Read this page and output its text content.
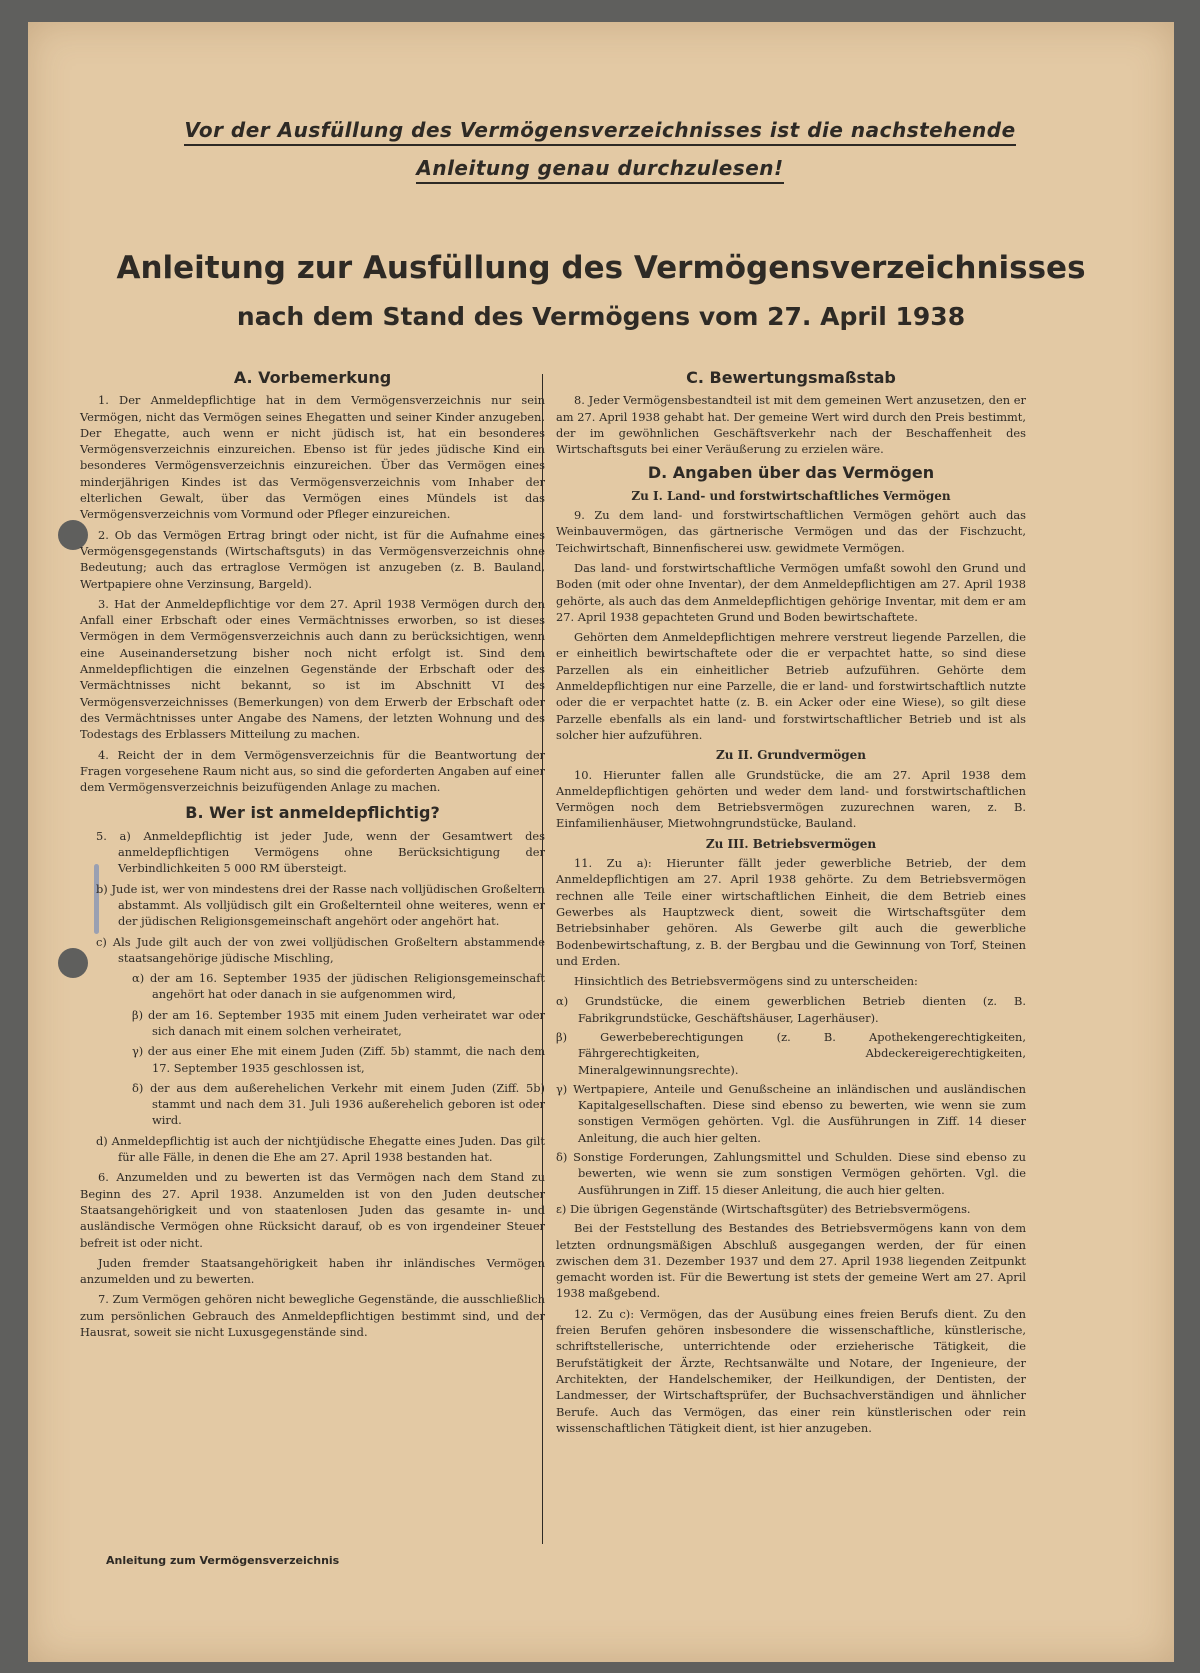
Vor der Ausfüllung des Vermögensverzeichnisses ist die nachstehende
Anleitung genau durchzulesen!
Anleitung zur Ausfüllung des Vermögensverzeichnisses
nach dem Stand des Vermögens vom 27. April 1938
A. Vorbemerkung

1. Der Anmeldepflichtige hat in dem Vermögensverzeichnis nur sein Vermögen, nicht das Vermögen seines Ehegatten und seiner Kinder anzugeben. Der Ehegatte, auch wenn er nicht jüdisch ist, hat ein besonderes Vermögensverzeichnis einzureichen. Ebenso ist für jedes jüdische Kind ein besonderes Vermögensverzeichnis einzureichen. Über das Vermögen eines minderjährigen Kindes ist das Vermögensverzeichnis vom Inhaber der elterlichen Gewalt, über das Vermögen eines Mündels ist das Vermögensverzeichnis vom Vormund oder Pfleger einzureichen.

2. Ob das Vermögen Ertrag bringt oder nicht, ist für die Aufnahme eines Vermögensgegenstands (Wirtschaftsguts) in das Vermögensverzeichnis ohne Bedeutung; auch das ertraglose Vermögen ist anzugeben (z. B. Bauland, Wertpapiere ohne Verzinsung, Bargeld).

3. Hat der Anmeldepflichtige vor dem 27. April 1938 Vermögen durch den Anfall einer Erbschaft oder eines Vermächtnisses erworben, so ist dieses Vermögen in dem Vermögensverzeichnis auch dann zu berücksichtigen, wenn eine Auseinandersetzung bisher noch nicht erfolgt ist. Sind dem Anmeldepflichtigen die einzelnen Gegenstände der Erbschaft oder des Vermächtnisses nicht bekannt, so ist im Abschnitt VI des Vermögensverzeichnisses (Bemerkungen) von dem Erwerb der Erbschaft oder des Vermächtnisses unter Angabe des Namens, der letzten Wohnung und des Todestags des Erblassers Mitteilung zu machen.

4. Reicht der in dem Vermögensverzeichnis für die Beantwortung der Fragen vorgesehene Raum nicht aus, so sind die geforderten Angaben auf einer dem Vermögensverzeichnis beizufügenden Anlage zu machen.

B. Wer ist anmeldepflichtig?
5. a) Anmeldepflichtig ist jeder Jude, wenn der Gesamtwert des anmeldepflichtigen Vermögens ohne Berücksichtigung der Verbindlichkeiten 5 000 RM übersteigt.
b) Jude ist, wer von mindestens drei der Rasse nach volljüdischen Großeltern abstammt. Als volljüdisch gilt ein Großelternteil ohne weiteres, wenn er der jüdischen Religionsgemeinschaft angehört oder angehört hat.
c) Als Jude gilt auch der von zwei volljüdischen Großeltern abstammende staatsangehörige jüdische Mischling,
α) der am 16. September 1935 der jüdischen Religionsgemeinschaft angehört hat oder danach in sie aufgenommen wird,
β) der am 16. September 1935 mit einem Juden verheiratet war oder sich danach mit einem solchen verheiratet,
γ) der aus einer Ehe mit einem Juden (Ziff. 5b) stammt, die nach dem 17. September 1935 geschlossen ist,
δ) der aus dem außerehelichen Verkehr mit einem Juden (Ziff. 5b) stammt und nach dem 31. Juli 1936 außerehelich geboren ist oder wird.
d) Anmeldepflichtig ist auch der nichtjüdische Ehegatte eines Juden. Das gilt für alle Fälle, in denen die Ehe am 27. April 1938 bestanden hat.

6. Anzumelden und zu bewerten ist das Vermögen nach dem Stand zu Beginn des 27. April 1938. Anzumelden ist von den Juden deutscher Staatsangehörigkeit und von staatenlosen Juden das gesamte in- und ausländische Vermögen ohne Rücksicht darauf, ob es von irgendeiner Steuer befreit ist oder nicht.

Juden fremder Staatsangehörigkeit haben ihr inländisches Vermögen anzumelden und zu bewerten.

7. Zum Vermögen gehören nicht bewegliche Gegenstände, die ausschließlich zum persönlichen Gebrauch des Anmeldepflichtigen bestimmt sind, und der Hausrat, soweit sie nicht Luxusgegenstände sind.

C. Bewertungsmaßstab

8. Jeder Vermögensbestandteil ist mit dem gemeinen Wert anzusetzen, den er am 27. April 1938 gehabt hat. Der gemeine Wert wird durch den Preis bestimmt, der im gewöhnlichen Geschäftsverkehr nach der Beschaffenheit des Wirtschaftsguts bei einer Veräußerung zu erzielen wäre.

D. Angaben über das Vermögen
Zu I. Land- und forstwirtschaftliches Vermögen

9. Zu dem land- und forstwirtschaftlichen Vermögen gehört auch das Weinbauvermögen, das gärtnerische Vermögen und das der Fischzucht, Teichwirtschaft, Binnenfischerei usw. gewidmete Vermögen.

Das land- und forstwirtschaftliche Vermögen umfaßt sowohl den Grund und Boden (mit oder ohne Inventar), der dem Anmeldepflichtigen am 27. April 1938 gehörte, als auch das dem Anmeldepflichtigen gehörige Inventar, mit dem er am 27. April 1938 gepachteten Grund und Boden bewirtschaftete.

Gehörten dem Anmeldepflichtigen mehrere verstreut liegende Parzellen, die er einheitlich bewirtschaftete oder die er verpachtet hatte, so sind diese Parzellen als ein einheitlicher Betrieb aufzuführen. Gehörte dem Anmeldepflichtigen nur eine Parzelle, die er land- und forstwirtschaftlich nutzte oder die er verpachtet hatte (z. B. ein Acker oder eine Wiese), so gilt diese Parzelle ebenfalls als ein land- und forstwirtschaftlicher Betrieb und ist als solcher hier aufzuführen.

Zu II. Grundvermögen

10. Hierunter fallen alle Grundstücke, die am 27. April 1938 dem Anmeldepflichtigen gehörten und weder dem land- und forstwirtschaftlichen Vermögen noch dem Betriebsvermögen zuzurechnen waren, z. B. Einfamilienhäuser, Mietwohngrundstücke, Bauland.

Zu III. Betriebsvermögen

11. Zu a): Hierunter fällt jeder gewerbliche Betrieb, der dem Anmeldepflichtigen am 27. April 1938 gehörte. Zu dem Betriebsvermögen rechnen alle Teile einer wirtschaftlichen Einheit, die dem Betrieb eines Gewerbes als Hauptzweck dient, soweit die Wirtschaftsgüter dem Betriebsinhaber gehören. Als Gewerbe gilt auch die gewerbliche Bodenbewirtschaftung, z. B. der Bergbau und die Gewinnung von Torf, Steinen und Erden.

Hinsichtlich des Betriebsvermögens sind zu unterscheiden:

α) Grundstücke, die einem gewerblichen Betrieb dienten (z. B. Fabrikgrundstücke, Geschäftshäuser, Lagerhäuser).
β) Gewerbeberechtigungen (z. B. Apothekengerechtigkeiten, Fährgerechtigkeiten, Abdeckereigerechtigkeiten, Mineralgewinnungsrechte).
γ) Wertpapiere, Anteile und Genußscheine an inländischen und ausländischen Kapitalgesellschaften. Diese sind ebenso zu bewerten, wie wenn sie zum sonstigen Vermögen gehörten. Vgl. die Ausführungen in Ziff. 14 dieser Anleitung, die auch hier gelten.
δ) Sonstige Forderungen, Zahlungsmittel und Schulden. Diese sind ebenso zu bewerten, wie wenn sie zum sonstigen Vermögen gehörten. Vgl. die Ausführungen in Ziff. 15 dieser Anleitung, die auch hier gelten.
ε) Die übrigen Gegenstände (Wirtschaftsgüter) des Betriebsvermögens.

Bei der Feststellung des Bestandes des Betriebsvermögens kann von dem letzten ordnungsmäßigen Abschluß ausgegangen werden, der für einen zwischen dem 31. Dezember 1937 und dem 27. April 1938 liegenden Zeitpunkt gemacht worden ist. Für die Bewertung ist stets der gemeine Wert am 27. April 1938 maßgebend.

12. Zu c): Vermögen, das der Ausübung eines freien Berufs dient. Zu den freien Berufen gehören insbesondere die wissenschaftliche, künstlerische, schriftstellerische, unterrichtende oder erzieherische Tätigkeit, die Berufstätigkeit der Ärzte, Rechtsanwälte und Notare, der Ingenieure, der Architekten, der Handelschemiker, der Heilkundigen, der Dentisten, der Landmesser, der Wirtschaftsprüfer, der Buchsachverständigen und ähnlicher Berufe. Auch das Vermögen, das einer rein künstlerischen oder rein wissenschaftlichen Tätigkeit dient, ist hier anzugeben.

Anleitung zum Vermögensverzeichnis
